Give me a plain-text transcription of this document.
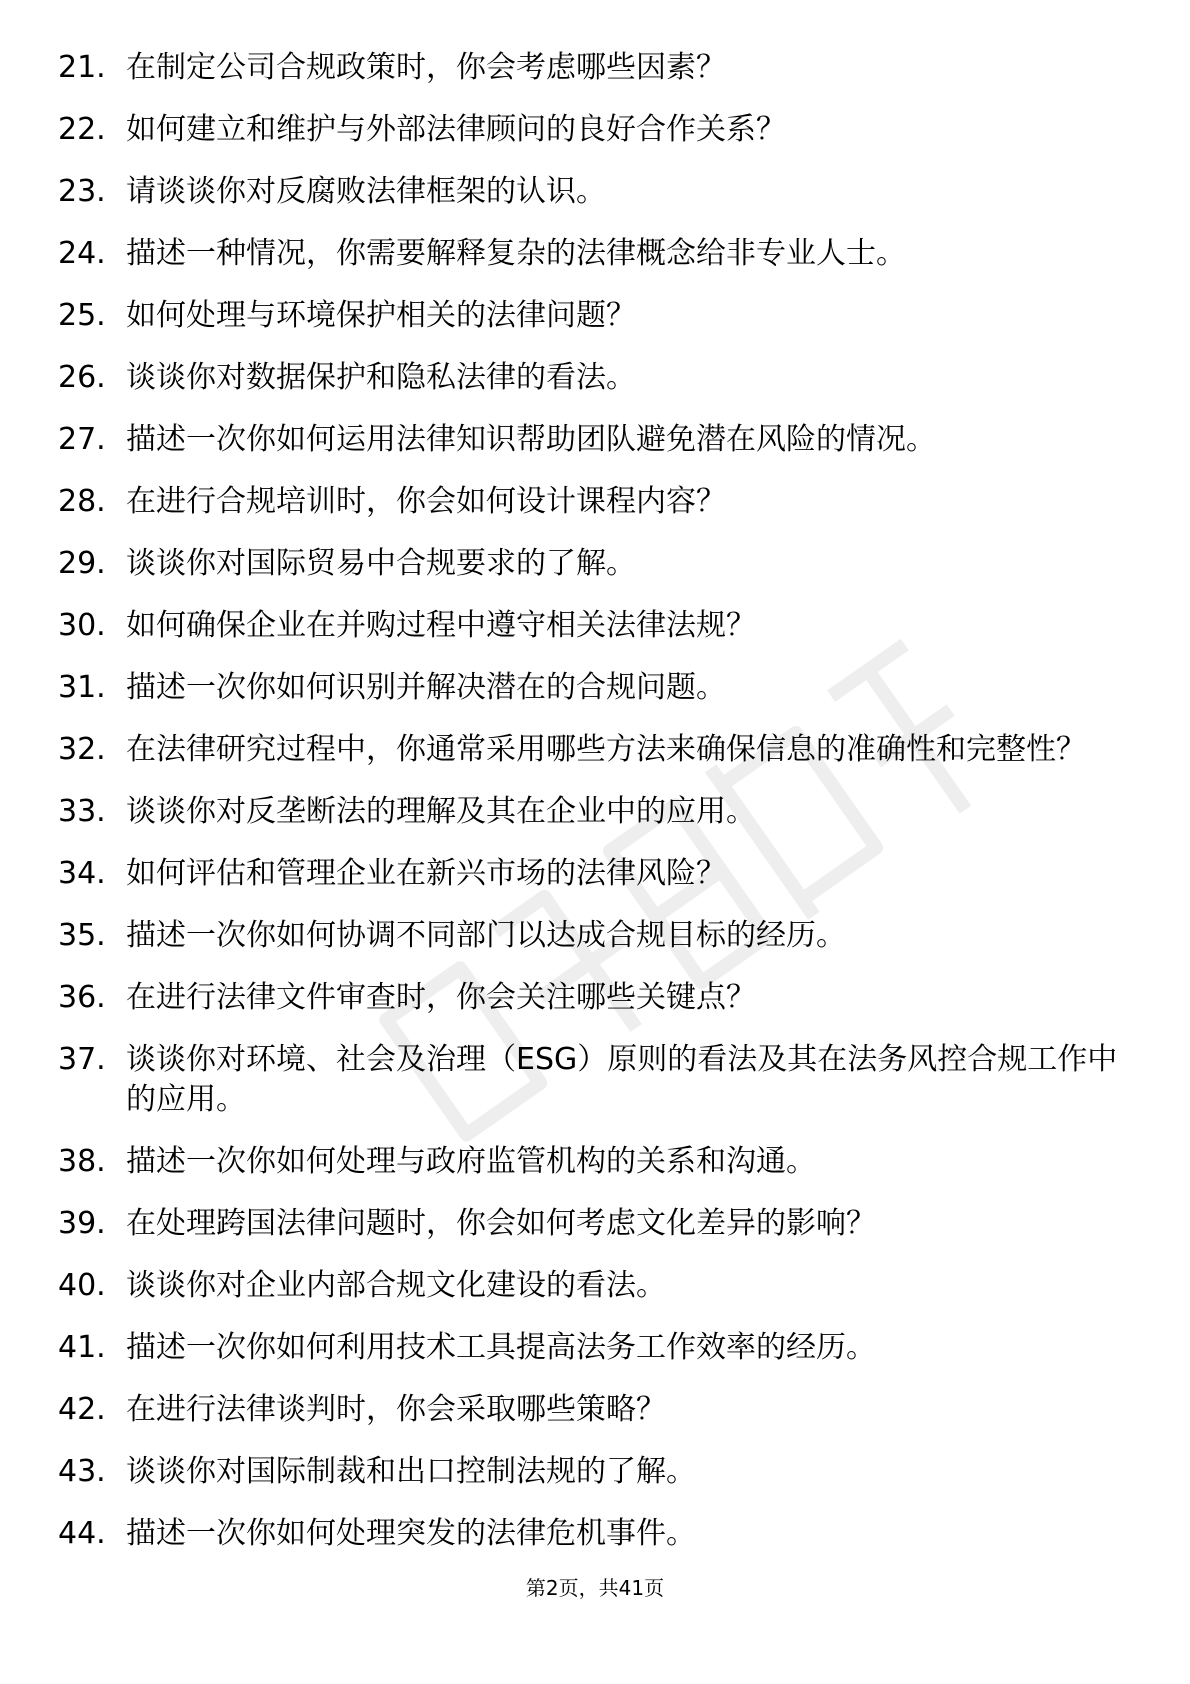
21. 在制定公司合规政策时，你会考虑哪些因素？
22. 如何建立和维护与外部法律顾问的良好合作关系？
23. 请谈谈你对反腐败法律框架的认识。
24. 描述一种情况，你需要解释复杂的法律概念给非专业人士。
25. 如何处理与环境保护相关的法律问题？
26. 谈谈你对数据保护和隐私法律的看法。
27. 描述一次你如何运用法律知识帮助团队避免潜在风险的情况。
28. 在进行合规培训时，你会如何设计课程内容？
29. 谈谈你对国际贸易中合规要求的了解。
30. 如何确保企业在并购过程中遵守相关法律法规？
31. 描述一次你如何识别并解决潜在的合规问题。
32. 在法律研究过程中，你通常采用哪些方法来确保信息的准确性和完整性？
33. 谈谈你对反垄断法的理解及其在企业中的应用。
34. 如何评估和管理企业在新兴市场的法律风险？
35. 描述一次你如何协调不同部门以达成合规目标的经历。
36. 在进行法律文件审查时，你会关注哪些关键点？
37. 谈谈你对环境、社会及治理（ESG）原则的看法及其在法务风控合规工作中的应用。
38. 描述一次你如何处理与政府监管机构的关系和沟通。
39. 在处理跨国法律问题时，你会如何考虑文化差异的影响？
40. 谈谈你对企业内部合规文化建设的看法。
41. 描述一次你如何利用技术工具提高法务工作效率的经历。
42. 在进行法律谈判时，你会采取哪些策略？
43. 谈谈你对国际制裁和出口控制法规的了解。
44. 描述一次你如何处理突发的法律危机事件。
第2页，共41页
